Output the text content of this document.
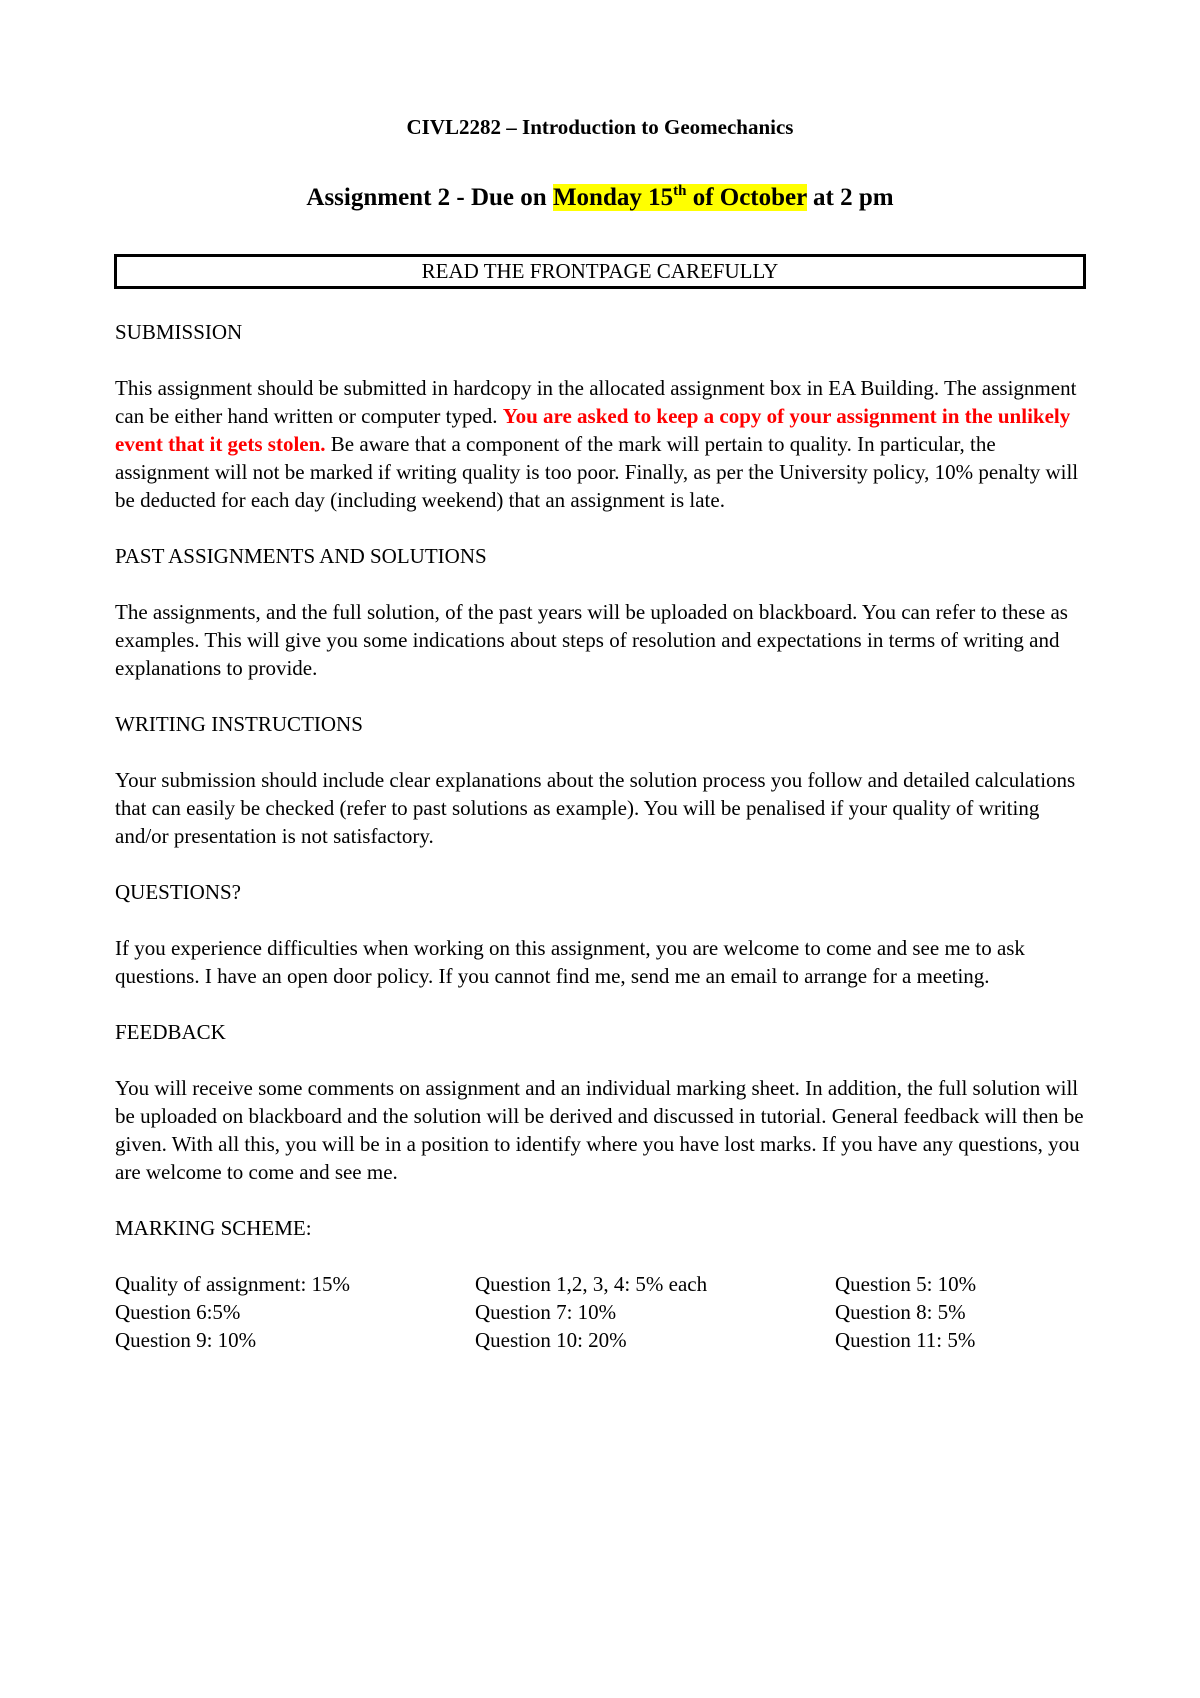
CIVL2282 – Introduction to Geomechanics
Assignment 2 - Due on Monday 15th of October at 2 pm
READ THE FRONTPAGE CAREFULLY
SUBMISSION

This assignment should be submitted in hardcopy in the allocated assignment box in EA Building. The assignment can be either hand written or computer typed. You are asked to keep a copy of your assignment in the unlikely event that it gets stolen. Be aware that a component of the mark will pertain to quality. In particular, the assignment will not be marked if writing quality is too poor. Finally, as per the University policy, 10% penalty will be deducted for each day (including weekend) that an assignment is late.

PAST ASSIGNMENTS AND SOLUTIONS

The assignments, and the full solution, of the past years will be uploaded on blackboard. You can refer to these as examples. This will give you some indications about steps of resolution and expectations in terms of writing and explanations to provide.

WRITING INSTRUCTIONS

Your submission should include clear explanations about the solution process you follow and detailed calculations that can easily be checked (refer to past solutions as example). You will be penalised if your quality of writing and/or presentation is not satisfactory.

QUESTIONS?

If you experience difficulties when working on this assignment, you are welcome to come and see me to ask questions. I have an open door policy. If you cannot find me, send me an email to arrange for a meeting.

FEEDBACK

You will receive some comments on assignment and an individual marking sheet. In addition, the full solution will be uploaded on blackboard and the solution will be derived and discussed in tutorial. General feedback will then be given. With all this, you will be in a position to identify where you have lost marks. If you have any questions, you are welcome to come and see me.

MARKING SCHEME:
Quality of assignment: 15%	Question 1,2, 3, 4: 5% each	Question 5: 10%
Question 6:5%	Question 7: 10%	Question 8: 5%
Question 9: 10%	Question 10: 20%	Question 11: 5%
